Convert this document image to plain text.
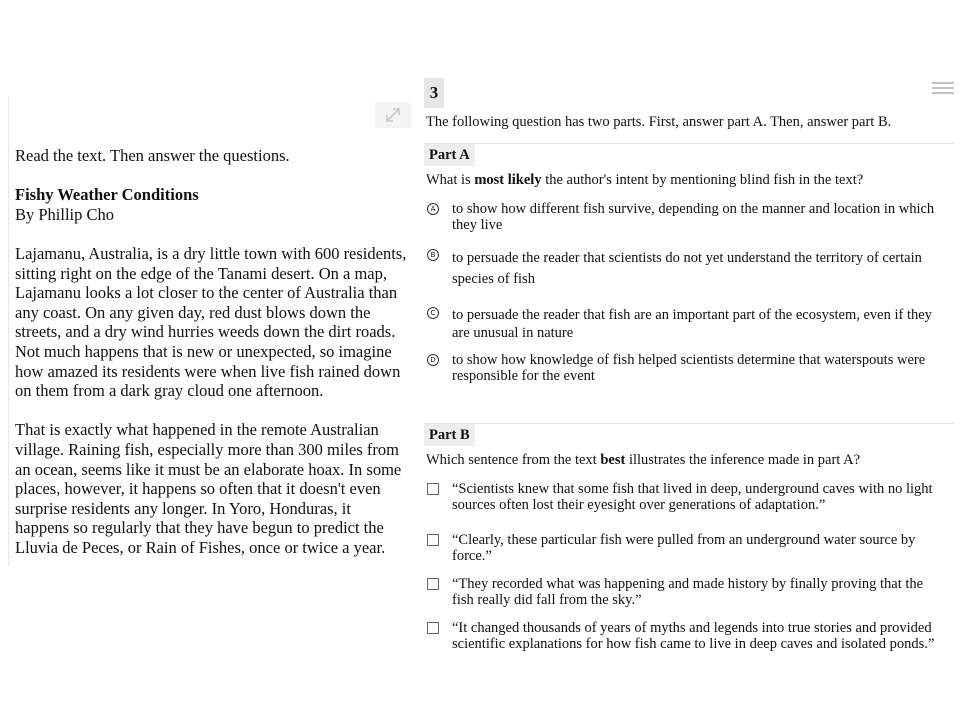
Read the text. Then answer the questions.

Fishy Weather Conditions

By Phillip Cho

Lajamanu, Australia, is a dry little town with 600 residents,

sitting right on the edge of the Tanami desert. On a map,

Lajamanu looks a lot closer to the center of Australia than

any coast. On any given day, red dust blows down the

streets, and a dry wind hurries weeds down the dirt roads.

Not much happens that is new or unexpected, so imagine

how amazed its residents were when live fish rained down

on them from a dark gray cloud one afternoon.

That is exactly what happened in the remote Australian

village. Raining fish, especially more than 300 miles from

an ocean, seems like it must be an elaborate hoax. In some

places, however, it happens so often that it doesn't even

surprise residents any longer. In Yoro, Honduras, it

happens so regularly that they have begun to predict the

Lluvia de Peces, or Rain of Fishes, once or twice a year.

3
The following question has two parts. First, answer part A. Then, answer part B.
Part A
What is most likely the author's intent by mentioning blind fish in the text?
A to show how different fish survive, depending on the manner and location in which
they live
B to persuade the reader that scientists do not yet understand the territory of certain
species of fish
C to persuade the reader that fish are an important part of the ecosystem, even if they
are unusual in nature
D to show how knowledge of fish helped scientists determine that waterspouts were
responsible for the event
Part B
Which sentence from the text best illustrates the inference made in part A?
“Scientists knew that some fish that lived in deep, underground caves with no light
sources often lost their eyesight over generations of adaptation.”
“Clearly, these particular fish were pulled from an underground water source by
force.”
“They recorded what was happening and made history by finally proving that the
fish really did fall from the sky.”
“It changed thousands of years of myths and legends into true stories and provided
scientific explanations for how fish came to live in deep caves and isolated ponds.”
